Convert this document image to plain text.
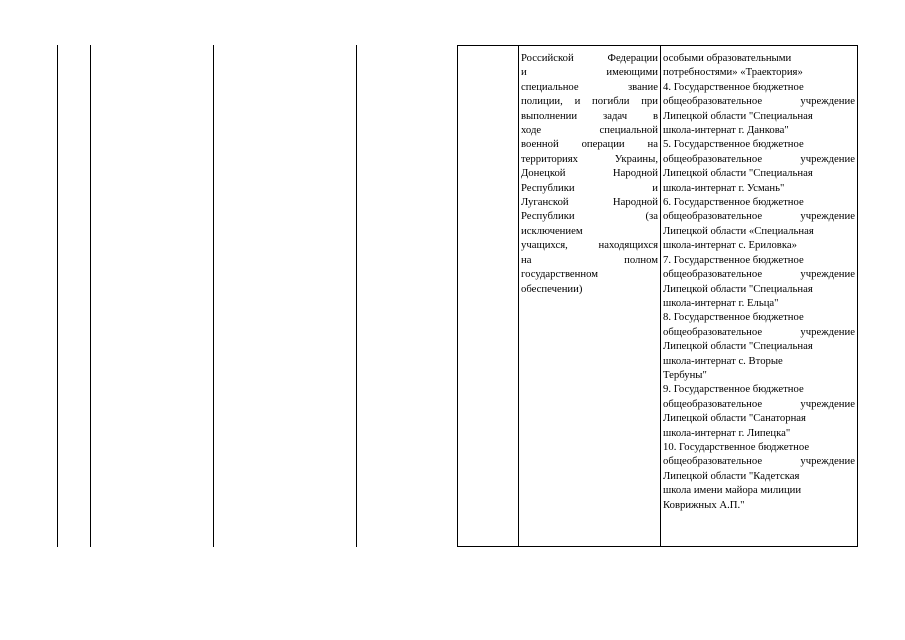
Российской Федерации
и имеющими
специальное звание
полиции, и погибли при
выполнении задач в
ходе специальной
военной операции на
территориях Украины,
Донецкой Народной
Республики и
Луганской Народной
Республики (за
исключением
учащихся, находящихся
на полном
государственном
обеспечении)
особыми образовательными
потребностями» «Траектория»
4. Государственное бюджетное
общеобразовательное учреждение
Липецкой области "Специальная
школа-интернат г. Данкова"
5. Государственное бюджетное
общеобразовательное учреждение
Липецкой области "Специальная
школа-интернат г. Усмань"
6. Государственное бюджетное
общеобразовательное учреждение
Липецкой области «Специальная
школа-интернат с. Ериловка»
7. Государственное бюджетное
общеобразовательное учреждение
Липецкой области "Специальная
школа-интернат г. Ельца"
8. Государственное бюджетное
общеобразовательное учреждение
Липецкой области "Специальная
школа-интернат с. Вторые
Тербуны"
9. Государственное бюджетное
общеобразовательное учреждение
Липецкой области "Санаторная
школа-интернат г. Липецка"
10. Государственное бюджетное
общеобразовательное учреждение
Липецкой области "Кадетская
школа имени майора милиции
Коврижных А.П."
